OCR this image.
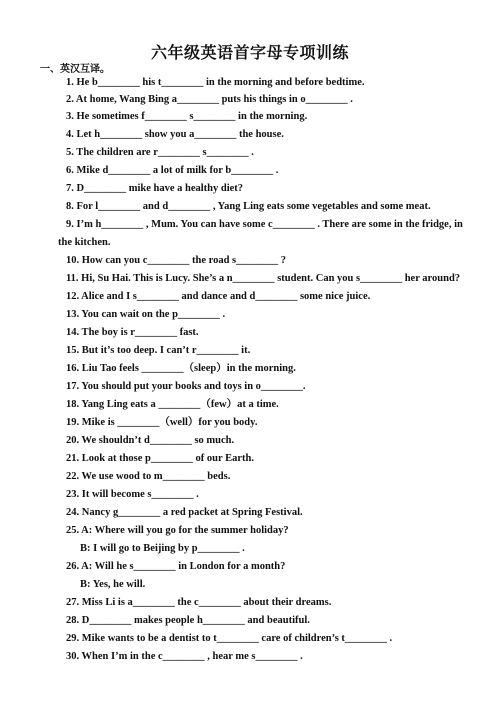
六年级英语首字母专项训练
一、英汉互译。
1. He b________ his t________ in the morning and before bedtime.
2. At home, Wang Bing a________ puts his things in o________ .
3. He sometimes f________ s________ in the morning.
4. Let h________ show you a________ the house.
5. The children are r________ s________ .
6. Mike d________ a lot of milk for b________ .
7. D________ mike have a healthy diet?
8. For l________ and d________ , Yang Ling eats some vegetables and some meat.
9. I’m h________ , Mum. You can have some c________ . There are some in the fridge, in
the kitchen.
10. How can you c________ the road s________ ?
11. Hi, Su Hai. This is Lucy. She’s a n________ student. Can you s________ her around?
12. Alice and I s________ and dance and d________ some nice juice.
13. You can wait on the p________ .
14. The boy is r________ fast.
15. But it’s too deep. I can’t r________ it.
16. Liu Tao feels ________（sleep）in the morning.
17. You should put your books and toys in o________.
18. Yang Ling eats a ________（few）at a time.
19. Mike is ________（well）for you body.
20. We shouldn’t d________ so much.
21. Look at those p________ of our Earth.
22. We use wood to m________ beds.
23. It will become s________ .
24. Nancy g________ a red packet at Spring Festival.
25. A: Where will you go for the summer holiday?
B: I will go to Beijing by p________ .
26. A: Will he s________ in London for a month?
B: Yes, he will.
27. Miss Li is a________ the c________ about their dreams.
28. D________ makes people h________ and beautiful.
29. Mike wants to be a dentist to t________ care of children’s t________ .
30. When I’m in the c________ , hear me s________ .
